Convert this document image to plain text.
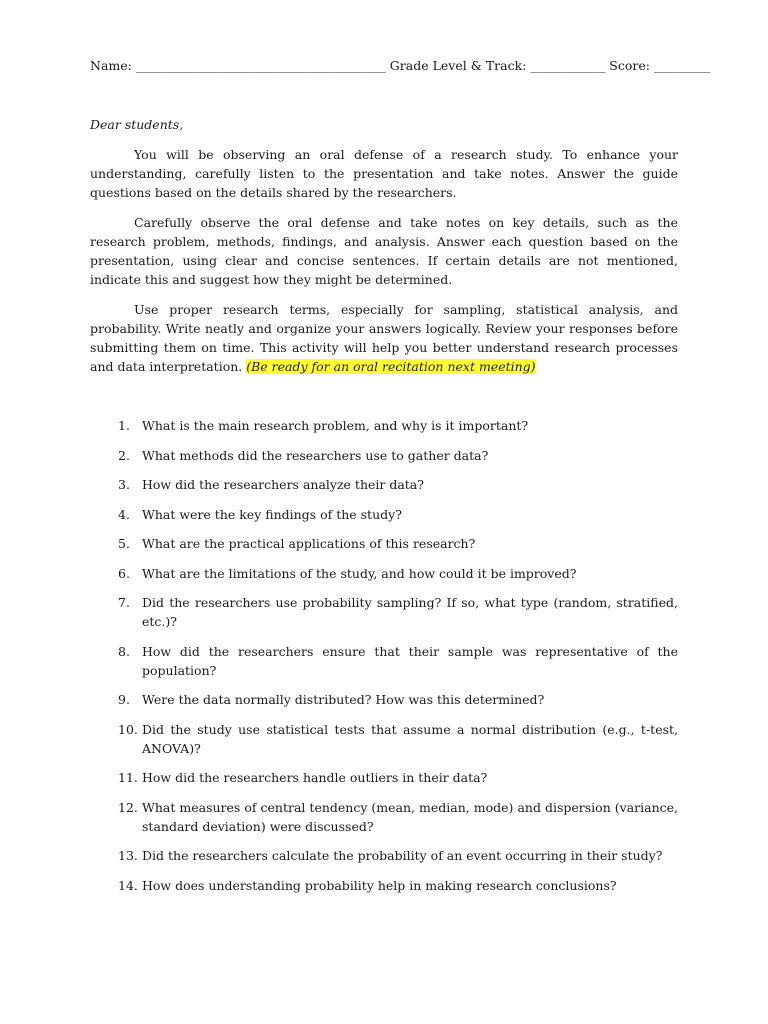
Name: ________________________________________ Grade Level & Track: ____________ Score: _________
Dear students,

You will be observing an oral defense of a research study. To enhance your understanding, carefully listen to the presentation and take notes. Answer the guide questions based on the details shared by the researchers.

Carefully observe the oral defense and take notes on key details, such as the research problem, methods, findings, and analysis. Answer each question based on the presentation, using clear and concise sentences. If certain details are not mentioned, indicate this and suggest how they might be determined.

Use proper research terms, especially for sampling, statistical analysis, and probability. Write neatly and organize your answers logically. Review your responses before submitting them on time. This activity will help you better understand research processes and data interpretation. (Be ready for an oral recitation next meeting)

1. What is the main research problem, and why is it important?
2. What methods did the researchers use to gather data?
3. How did the researchers analyze their data?
4. What were the key findings of the study?
5. What are the practical applications of this research?
6. What are the limitations of the study, and how could it be improved?
7. Did the researchers use probability sampling? If so, what type (random, stratified, etc.)?
8. How did the researchers ensure that their sample was representative of the population?
9. Were the data normally distributed? How was this determined?
10. Did the study use statistical tests that assume a normal distribution (e.g., t-test, ANOVA)?
11. How did the researchers handle outliers in their data?
12. What measures of central tendency (mean, median, mode) and dispersion (variance, standard deviation) were discussed?
13. Did the researchers calculate the probability of an event occurring in their study?
14. How does understanding probability help in making research conclusions?
